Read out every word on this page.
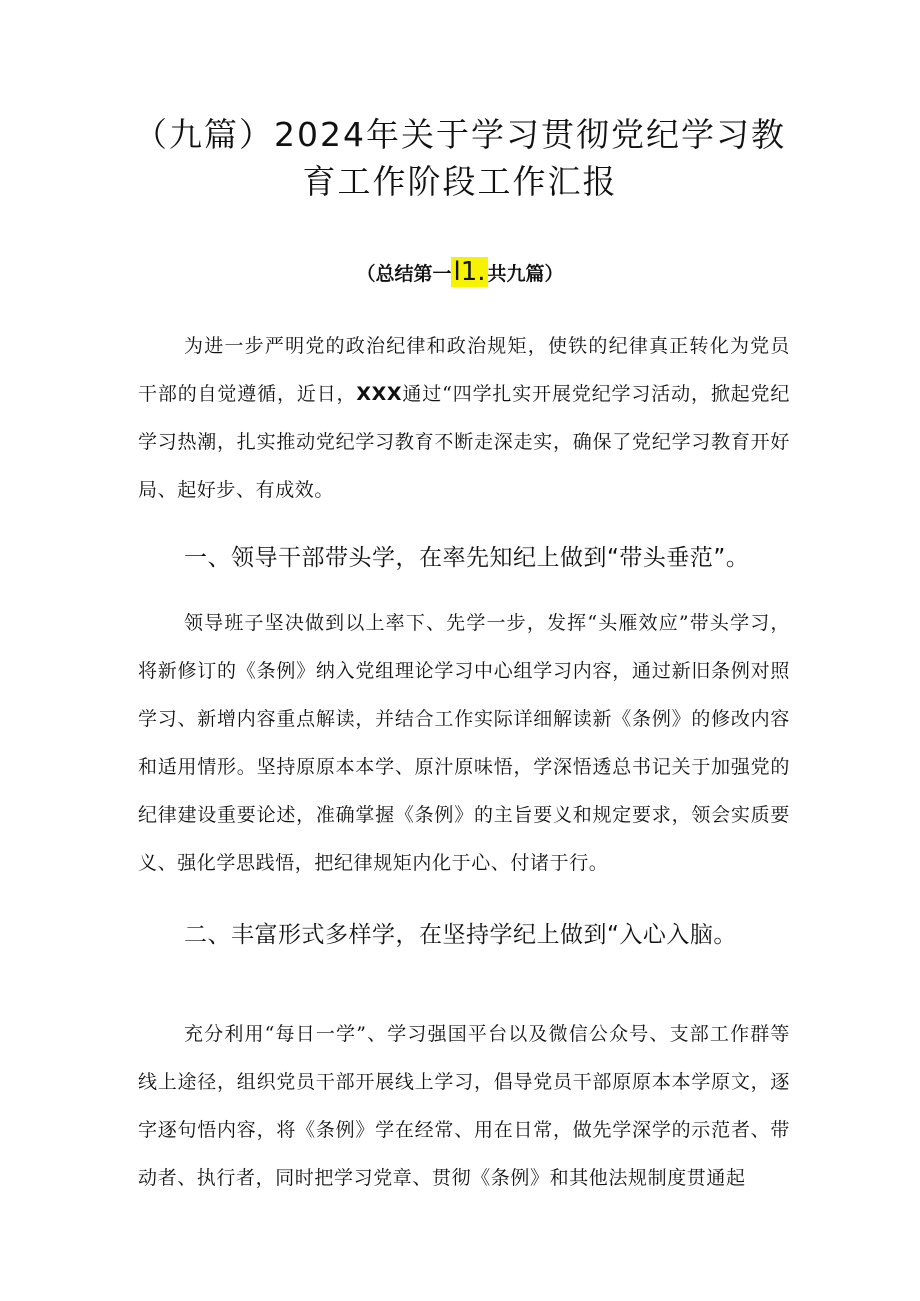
（九篇）2024年关于学习贯彻党纪学习教
育工作阶段工作汇报
（总结第一l1. 共九篇）

为进一步严明党的政治纪律和政治规矩，使铁的纪律真正转化为党员干部的自觉遵循，近日，XXX通过“四学扎实开展党纪学习活动，掀起党纪学习热潮，扎实推动党纪学习教育不断走深走实，确保了党纪学习教育开好局、起好步、有成效。

一、领导干部带头学，在率先知纪上做到“带头垂范”。

领导班子坚决做到以上率下、先学一步，发挥“头雁效应”带头学习，将新修订的《条例》纳入党组理论学习中心组学习内容，通过新旧条例对照学习、新增内容重点解读，并结合工作实际详细解读新《条例》的修改内容和适用情形。坚持原原本本学、原汁原味悟，学深悟透总书记关于加强党的纪律建设重要论述，准确掌握《条例》的主旨要义和规定要求，领会实质要义、强化学思践悟，把纪律规矩内化于心、付诸于行。

二、丰富形式多样学，在坚持学纪上做到“入心入脑。

充分利用“每日一学”、学习强国平台以及微信公众号、支部工作群等线上途径，组织党员干部开展线上学习，倡导党员干部原原本本学原文，逐字逐句悟内容，将《条例》学在经常、用在日常，做先学深学的示范者、带动者、执行者，同时把学习党章、贯彻《条例》和其他法规制度贯通起
